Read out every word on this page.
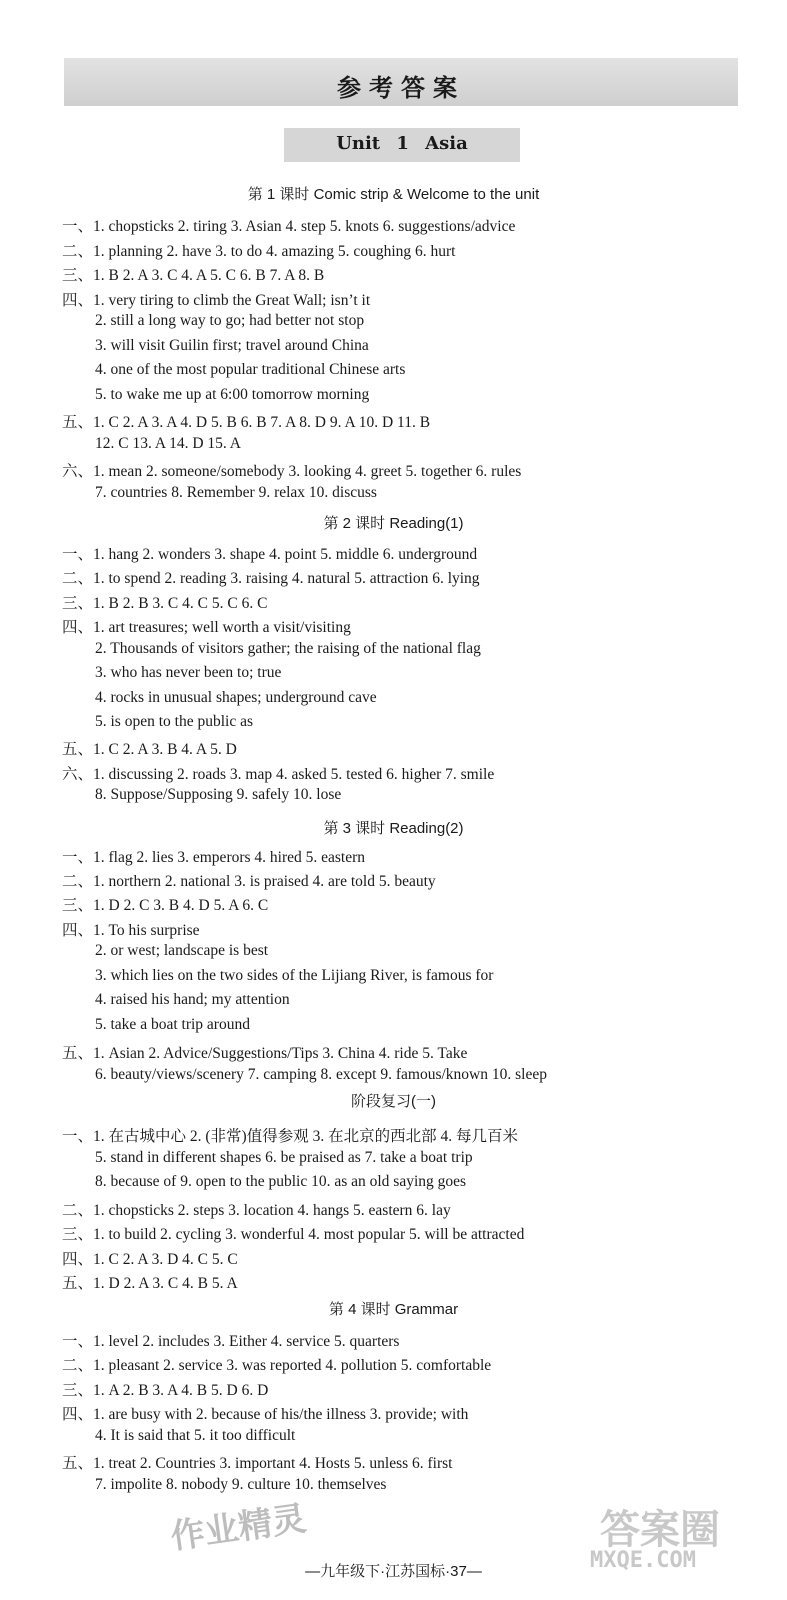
参考答案
Unit 1 Asia
第 1 课时 Comic strip & Welcome to the unit
一、1. chopsticks 2. tiring 3. Asian 4. step 5. knots 6. suggestions/advice
二、1. planning 2. have 3. to do 4. amazing 5. coughing 6. hurt
三、1. B 2. A 3. C 4. A 5. C 6. B 7. A 8. B
四、1. very tiring to climb the Great Wall; isn’t it
2. still a long way to go; had better not stop
3. will visit Guilin first; travel around China
4. one of the most popular traditional Chinese arts
5. to wake me up at 6:00 tomorrow morning
五、1. C 2. A 3. A 4. D 5. B 6. B 7. A 8. D 9. A 10. D 11. B
12. C 13. A 14. D 15. A
六、1. mean 2. someone/somebody 3. looking 4. greet 5. together 6. rules
7. countries 8. Remember 9. relax 10. discuss
第 2 课时 Reading(1)
一、1. hang 2. wonders 3. shape 4. point 5. middle 6. underground
二、1. to spend 2. reading 3. raising 4. natural 5. attraction 6. lying
三、1. B 2. B 3. C 4. C 5. C 6. C
四、1. art treasures; well worth a visit/visiting
2. Thousands of visitors gather; the raising of the national flag
3. who has never been to; true
4. rocks in unusual shapes; underground cave
5. is open to the public as
五、1. C 2. A 3. B 4. A 5. D
六、1. discussing 2. roads 3. map 4. asked 5. tested 6. higher 7. smile
8. Suppose/Supposing 9. safely 10. lose
第 3 课时 Reading(2)
一、1. flag 2. lies 3. emperors 4. hired 5. eastern
二、1. northern 2. national 3. is praised 4. are told 5. beauty
三、1. D 2. C 3. B 4. D 5. A 6. C
四、1. To his surprise
2. or west; landscape is best
3. which lies on the two sides of the Lijiang River, is famous for
4. raised his hand; my attention
5. take a boat trip around
五、1. Asian 2. Advice/Suggestions/Tips 3. China 4. ride 5. Take
6. beauty/views/scenery 7. camping 8. except 9. famous/known 10. sleep
阶段复习(一)
一、1. 在古城中心 2. (非常)值得参观 3. 在北京的西北部 4. 每几百米
5. stand in different shapes 6. be praised as 7. take a boat trip
8. because of 9. open to the public 10. as an old saying goes
二、1. chopsticks 2. steps 3. location 4. hangs 5. eastern 6. lay
三、1. to build 2. cycling 3. wonderful 4. most popular 5. will be attracted
四、1. C 2. A 3. D 4. C 5. C
五、1. D 2. A 3. C 4. B 5. A
第 4 课时 Grammar
一、1. level 2. includes 3. Either 4. service 5. quarters
二、1. pleasant 2. service 3. was reported 4. pollution 5. comfortable
三、1. A 2. B 3. A 4. B 5. D 6. D
四、1. are busy with 2. because of his/the illness 3. provide; with
4. It is said that 5. it too difficult
五、1. treat 2. Countries 3. important 4. Hosts 5. unless 6. first
7. impolite 8. nobody 9. culture 10. themselves
—九年级下·江苏国标·37—
作业精灵	答案圈
MXQE.COM
